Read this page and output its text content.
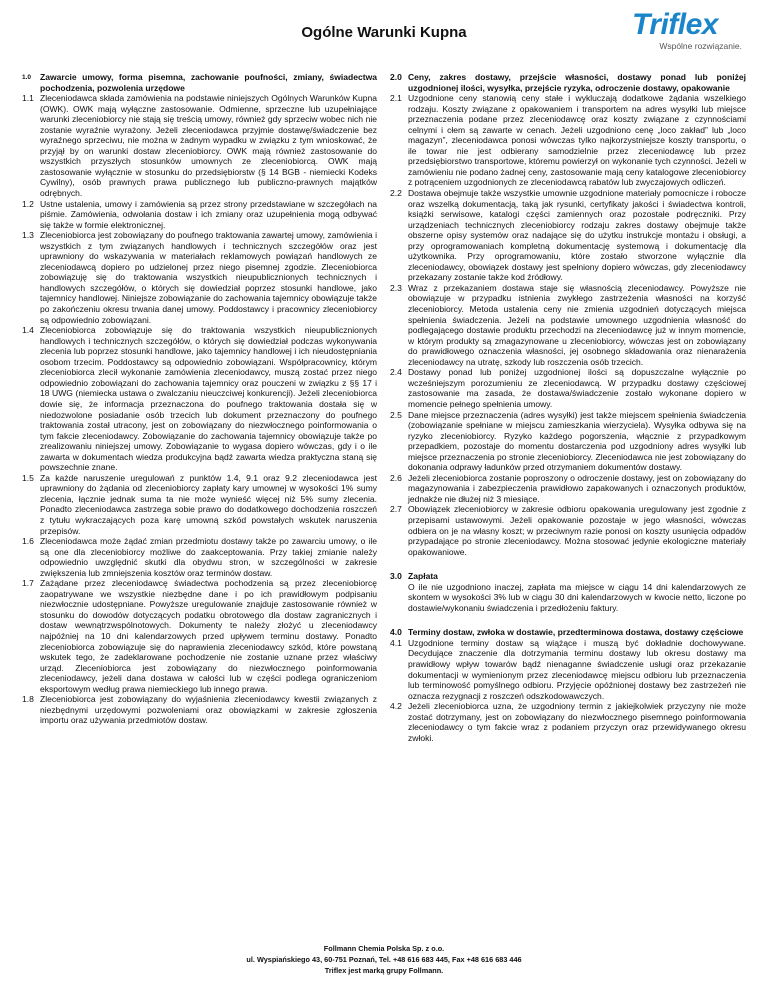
Ogólne Warunki Kupna	Triflex
Wspólne rozwiązanie.
1.0	Zawarcie umowy, forma pisemna, zachowanie poufności, zmiany, świadectwa pochodzenia, pozwolenia urzędowe
1.1 Zleceniodawca składa zamówienia na podstawie niniejszych Ogólnych Warunków Kupna (OWK). OWK mają wyłączne zastosowanie. Odmienne, sprzeczne lub uzupełniające warunki zleceniobiorcy nie stają się treścią umowy, również gdy sprzeciw wobec nich nie zostanie wyraźnie wyrażony. Jeżeli zleceniodawca przyjmie dostawę/świadczenie bez wyraźnego sprzeciwu, nie można w żadnym wypadku w związku z tym wnioskować, że przyjął by on warunki dostaw zleceniobiorcy. OWK mają również zastosowanie do wszystkich przyszłych stosunków umownych ze zleceniobiorcą. OWK mają zastosowanie wyłącznie w stosunku do przedsiębiorstw (§ 14 BGB - niemiecki Kodeks Cywilny), osób prawnych prawa publicznego lub publiczno-prawnych majątków odrębnych.
1.2 Ustne ustalenia, umowy i zamówienia są przez strony przedstawiane w szczegółach na piśmie. Zamówienia, odwołania dostaw i ich zmiany oraz uzupełnienia mogą odbywać się także w formie elektronicznej.
1.3 Zleceniobiorca jest zobowiązany do poufnego traktowania zawartej umowy, zamówienia i wszystkich z tym związanych handlowych i technicznych szczegółów oraz jest uprawniony do wskazywania w materiałach reklamowych powiązań handlowych ze zleceniodawcą dopiero po udzielonej przez niego pisemnej zgodzie. Zleceniobiorca zobowiązuję się do traktowania wszystkich nieupublicznionych technicznych i handlowych szczegółów, o których się dowiedział poprzez stosunki handlowe, jako tajemnicy handlowej. Niniejsze zobowiązanie do zachowania tajemnicy obowiązuje także po zakończeniu okresu trwania danej umowy. Poddostawcy i pracownicy zleceniobiorcy są odpowiednio zobowiązani.
1.4 Zleceniobiorca zobowiązuje się do traktowania wszystkich nieupublicznionych handlowych i technicznych szczegółów, o których się dowiedział podczas wykonywania zlecenia lub poprzez stosunki handlowe, jako tajemnicy handlowej i ich nieudostępniania osobom trzecim. Poddostawcy są odpowiednio zobowiązani. Współpracownicy, którym zleceniobiorca zlecił wykonanie zamówienia zleceniodawcy, muszą zostać przez niego odpowiednio zobowiązani do zachowania tajemnicy oraz pouczeni w związku z §§ 17 i 18 UWG (niemiecka ustawa o zwalczaniu nieuczciwej konkurencji). Jeżeli zleceniobiorca dowie się, że informacja przeznaczona do poufnego traktowania dostała się w niedozwolone posiadanie osób trzecich lub dokument przeznaczony do poufnego traktowania został utracony, jest on zobowiązany do niezwłocznego poinformowania o tym fakcie zleceniodawcy. Zobowiązanie do zachowania tajemnicy obowiązuje także po zrealizowaniu niniejszej umowy. Zobowiązanie to wygasa dopiero wówczas, gdy i o ile zawarta w dokumentach wiedza produkcyjna bądź zawarta wiedza praktyczna staną się powszechnie znane.
1.5 Za każde naruszenie uregulowań z punktów 1.4, 9.1 oraz 9.2 zleceniodawca jest uprawniony do żądania od zleceniobiorcy zapłaty kary umownej w wysokości 1% sumy zlecenia, łącznie jednak suma ta nie może wynieść więcej niż 5% sumy zlecenia. Ponadto zleceniodawca zastrzega sobie prawo do dodatkowego dochodzenia roszczeń z tytułu wykraczających poza karę umowną szkód powstałych wskutek naruszenia przepisów.
1.6 Zleceniodawca może żądać zmian przedmiotu dostawy także po zawarciu umowy, o ile są one dla zleceniobiorcy możliwe do zaakceptowania. Przy takiej zmianie należy odpowiednio uwzględnić skutki dla obydwu stron, w szczególności w zakresie zwiększenia lub zmniejszenia kosztów oraz terminów dostaw.
1.7 Zażądane przez zleceniodawcę świadectwa pochodzenia są przez zleceniobiorcę zaopatrywane we wszystkie niezbędne dane i po ich prawidłowym podpisaniu niezwłocznie udostępniane. Powyższe uregulowanie znajduje zastosowanie również w stosunku do dowodów dotyczących podatku obrotowego dla dostaw zagranicznych i dostaw wewnątrzwspólnotowych. Dokumenty te należy złożyć u zleceniodawcy najpóźniej na 10 dni kalendarzowych przed upływem terminu dostawy. Ponadto zleceniobiorca zobowiązuje się do naprawienia zleceniodawcy szkód, które powstaną wskutek tego, że zadeklarowane pochodzenie nie zostanie uznane przez właściwy urząd. Zleceniobiorca jest zobowiązany do niezwłocznego poinformowania zleceniodawcy, jeżeli dana dostawa w całości lub w części podlega ograniczeniom eksportowym według prawa niemieckiego lub innego prawa.
1.8 Zleceniobiorca jest zobowiązany do wyjaśnienia zleceniodawcy kwestii związanych z niezbędnymi urzędowymi pozwoleniami oraz obowiązkami w zakresie zgłoszenia importu oraz używania przedmiotów dostaw.
2.0 Ceny, zakres dostawy, przejście własności, dostawy ponad lub poniżej uzgodnionej ilości, wysyłka, przejście ryzyka, odroczenie dostawy, opakowanie
2.1 Uzgodnione ceny stanowią ceny stałe i wykluczają dodatkowe żądania wszelkiego rodzaju. Koszty związane z opakowaniem i transportem na adres wysyłki lub miejsce przeznaczenia podane przez zleceniodawcę oraz koszty związane z czynnościami celnymi i cłem są zawarte w cenach. Jeżeli uzgodniono cenę „loco zakład” lub „loco magazyn”, zleceniodawca ponosi wówczas tylko najkorzystniejsze koszty transportu, o ile towar nie jest odbierany samodzielnie przez zleceniodawcę lub przez przedsiębiorstwo transportowe, któremu powierzył on wykonanie tych czynności. Jeżeli w zamówieniu nie podano żadnej ceny, zastosowanie mają ceny katalogowe zleceniobiorcy z potrąceniem uzgodnionych ze zleceniodawcą rabatów lub zwyczajowych odliczeń.
2.2 Dostawa obejmuje także wszystkie umownie uzgodnione materiały pomocnicze i robocze oraz wszelką dokumentacją, taką jak rysunki, certyfikaty jakości i świadectwa kontroli, książki serwisowe, katalogi części zamiennych oraz pozostałe podręczniki. Przy urządzeniach technicznych zleceniobiorcy rodzaju zakres dostawy obejmuje także obszerne opisy systemów oraz nadające się do użytku instrukcje montażu i obsługi, a przy oprogramowaniach kompletną dokumentację systemową i dokumentację dla użytkownika. Przy oprogramowaniu, które zostało stworzone wyłącznie dla zleceniodawcy, obowiązek dostawy jest spełniony dopiero wówczas, gdy zleceniodawcy przekazany zostanie także kod źródłowy.
2.3 Wraz z przekazaniem dostawa staje się własnością zleceniodawcy. Powyższe nie obowiązuje w przypadku istnienia zwykłego zastrzeżenia własności na korzyść zleceniobiorcy. Metoda ustalenia ceny nie zmienia uzgodnień dotyczących miejsca spełnienia świadczenia. Jeżeli na podstawie umownego uzgodnienia własność do podlegającego dostawie produktu przechodzi na zleceniodawcę już w innym momencie, w którym produkty są zmagazynowane u zleceniobiorcy, wówczas jest on zobowiązany do prawidłowego oznaczenia własności, jej osobnego składowania oraz nienarażenia zleceniodawcy na utratę, szkody lub roszczenia osób trzecich.
2.4 Dostawy ponad lub poniżej uzgodnionej ilości są dopuszczalne wyłącznie po wcześniejszym porozumieniu ze zleceniodawcą. W przypadku dostawy częściowej zastosowanie ma zasada, że dostawa/świadczenie zostało wykonane dopiero w momencie pełnego spełnienia umowy.
2.5 Dane miejsce przeznaczenia (adres wysyłki) jest także miejscem spełnienia świadczenia (zobowiązanie spełniane w miejscu zamieszkania wierzyciela). Wysyłka odbywa się na ryzyko zleceniobiorcy. Ryzyko każdego pogorszenia, włącznie z przypadkowym przepadkiem, pozostaje do momentu dostarczenia pod uzgodniony adres wysyłki lub miejsce przeznaczenia po stronie zleceniobiorcy. Zleceniodawca nie jest zobowiązany do dokonania odprawy ładunków przed otrzymaniem dokumentów dostawy.
2.6 Jeżeli zleceniobiorca zostanie poproszony o odroczenie dostawy, jest on zobowiązany do magazynowania i zabezpieczenia prawidłowo zapakowanych i oznaczonych produktów, jednakże nie dłużej niż 3 miesiące.
2.7 Obowiązek zleceniobiorcy w zakresie odbioru opakowania uregulowany jest zgodnie z przepisami ustawowymi. Jeżeli opakowanie pozostaje w jego własności, wówczas odbiera on je na własny koszt; w przeciwnym razie ponosi on koszty usunięcia odpadów przypadające po stronie zleceniodawcy. Można stosować jedynie ekologiczne materiały opakowaniowe.
3.0 Zapłata
O ile nie uzgodniono inaczej, zapłata ma miejsce w ciągu 14 dni kalendarzowych ze skontem w wysokości 3% lub w ciągu 30 dni kalendarzowych w kwocie netto, liczone po dostawie/wykonaniu świadczenia i przedłożeniu faktury.
4.0 Terminy dostaw, zwłoka w dostawie, przedterminowa dostawa, dostawy częściowe
4.1 Uzgodnione terminy dostaw są wiążące i muszą być dokładnie dochowywane. Decydujące znaczenie dla dotrzymania terminu dostawy lub okresu dostawy ma prawidłowy wpływ towarów bądź nienaganne świadczenie usługi oraz przekazanie dokumentacji w wymienionym przez zleceniodawcę miejscu odbioru lub przeznaczenia lub terminowość pomyślnego odbioru. Przyjęcie opóźnionej dostawy bez zastrzeżeń nie oznacza rezygnacji z roszczeń odszkodowawczych.
4.2 Jeżeli zleceniobiorca uzna, że uzgodniony termin z jakiejkolwiek przyczyny nie może zostać dotrzymany, jest on zobowiązany do niezwłocznego pisemnego poinformowania zleceniodawcy o tym fakcie wraz z podaniem przyczyn oraz przewidywanego okresu zwłoki.
Follmann Chemia Polska Sp. z o.o.
ul. Wyspiańskiego 43, 60-751 Poznań, Tel. +48 616 683 445, Fax +48 616 683 446
Triflex jest marką grupy Follmann.
